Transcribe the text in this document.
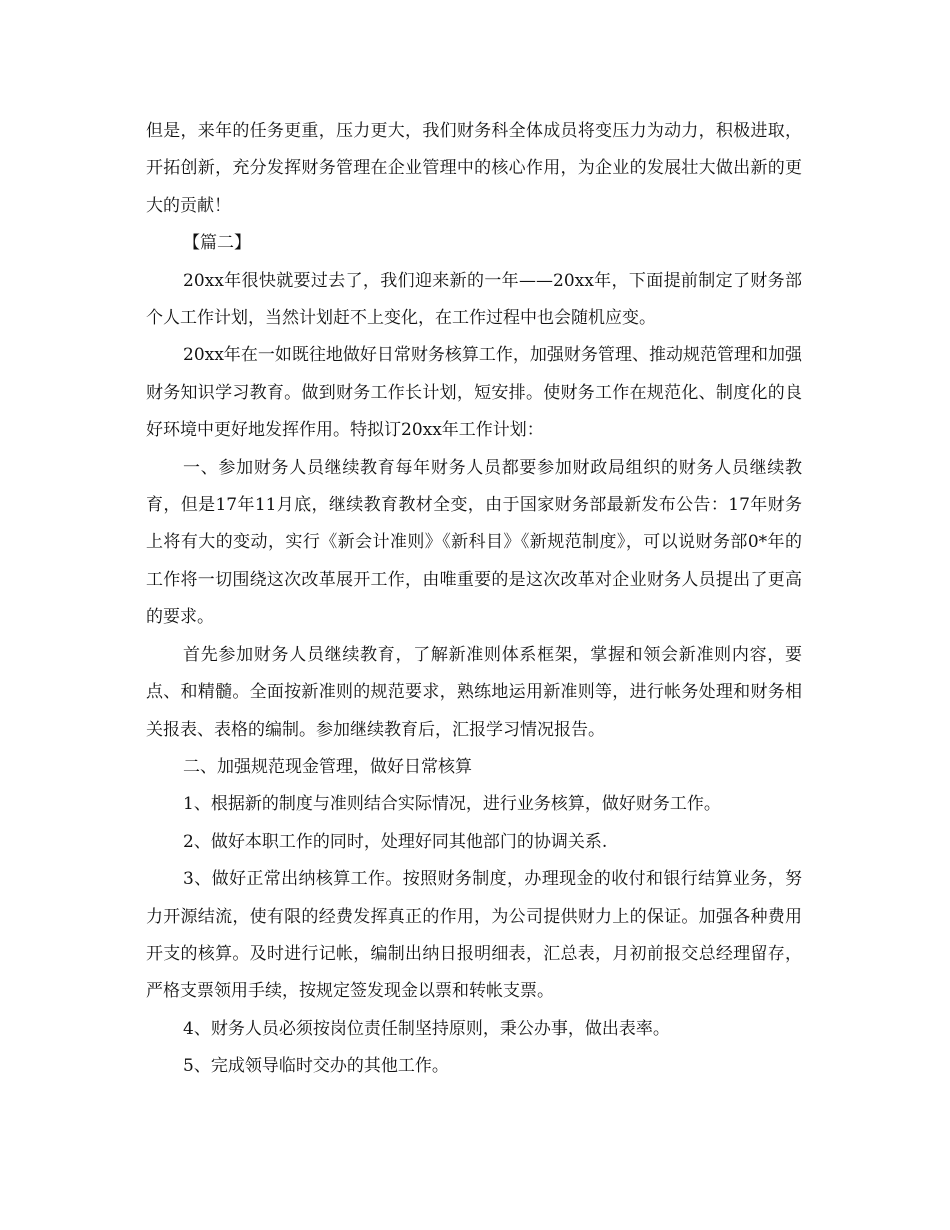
但是，来年的任务更重，压力更大，我们财务科全体成员将变压力为动力，积极进取，开拓创新，充分发挥财务管理在企业管理中的核心作用，为企业的发展壮大做出新的更大的贡献！

【篇二】

20xx年很快就要过去了，我们迎来新的一年——20xx年，下面提前制定了财务部个人工作计划，当然计划赶不上变化，在工作过程中也会随机应变。

20xx年在一如既往地做好日常财务核算工作，加强财务管理、推动规范管理和加强财务知识学习教育。做到财务工作长计划，短安排。使财务工作在规范化、制度化的良好环境中更好地发挥作用。特拟订20xx年工作计划：

一、参加财务人员继续教育每年财务人员都要参加财政局组织的财务人员继续教育，但是17年11月底，继续教育教材全变，由于国家财务部最新发布公告：17年财务上将有大的变动，实行《新会计准则》《新科目》《新规范制度》，可以说财务部0*年的工作将一切围绕这次改革展开工作，由唯重要的是这次改革对企业财务人员提出了更高的要求。

首先参加财务人员继续教育，了解新准则体系框架，掌握和领会新准则内容，要点、和精髓。全面按新准则的规范要求，熟练地运用新准则等，进行帐务处理和财务相关报表、表格的编制。参加继续教育后，汇报学习情况报告。

二、加强规范现金管理，做好日常核算

1、根据新的制度与准则结合实际情况，进行业务核算，做好财务工作。

2、做好本职工作的同时，处理好同其他部门的协调关系.

3、做好正常出纳核算工作。按照财务制度，办理现金的收付和银行结算业务，努力开源结流，使有限的经费发挥真正的作用，为公司提供财力上的保证。加强各种费用开支的核算。及时进行记帐，编制出纳日报明细表，汇总表，月初前报交总经理留存，严格支票领用手续，按规定签发现金以票和转帐支票。

4、财务人员必须按岗位责任制坚持原则，秉公办事，做出表率。

5、完成领导临时交办的其他工作。
